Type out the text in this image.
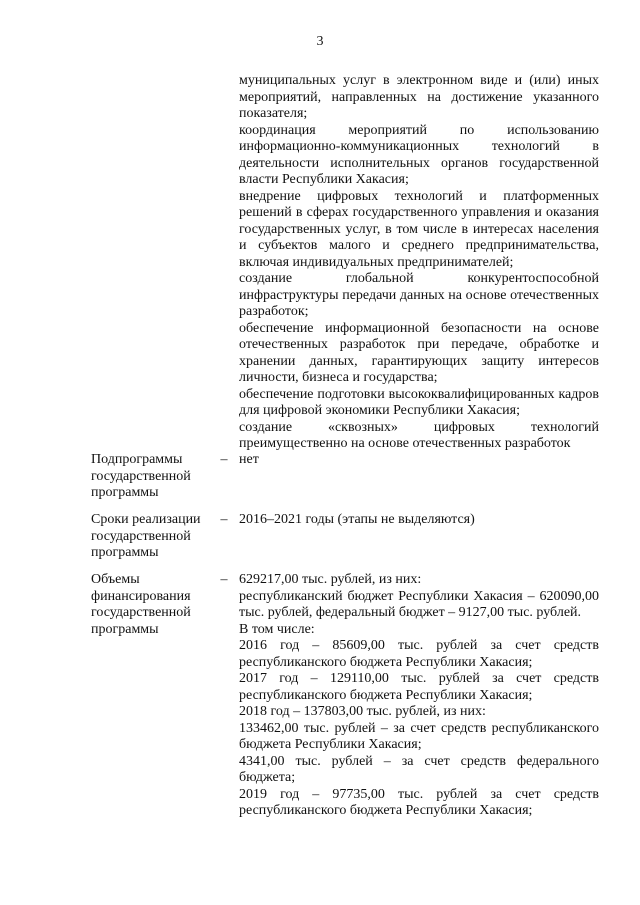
3

муниципальных услуг в электронном виде и (или) иных мероприятий, направленных на достижение указанного показателя;

координация мероприятий по использованию информационно-коммуникационных технологий в деятельности исполнительных органов государственной власти Республики Хакасия;

внедрение цифровых технологий и платформенных решений в сферах государственного управления и оказания государственных услуг, в том числе в интересах населения и субъектов малого и среднего предпринимательства, включая индивидуальных предпринимателей;

создание глобальной конкурентоспособной инфраструктуры передачи данных на основе отечественных разработок;

обеспечение информационной безопасности на основе отечественных разработок при передаче, обработке и хранении данных, гарантирующих защиту интересов личности, бизнеса и государства;

обеспечение подготовки высококвалифицированных кадров для цифровой экономики Республики Хакасия;

создание «сквозных» цифровых технологий преимущественно на основе отечественных разработок

Подпрограммы
государственной
программы
– нет

Сроки реализации
государственной
программы
– 2016–2021 годы (этапы не выделяются)

Объемы
финансирования
государственной
программы
– 629217,00 тыс. рублей, из них:

республиканский бюджет Республики Хакасия – 620090,00 тыс. рублей, федеральный бюджет – 9127,00 тыс. рублей.

В том числе:

2016 год – 85609,00 тыс. рублей за счет средств республиканского бюджета Республики Хакасия;

2017 год – 129110,00 тыс. рублей за счет средств республиканского бюджета Республики Хакасия;

2018 год – 137803,00 тыс. рублей, из них:

133462,00 тыс. рублей – за счет средств республиканского бюджета Республики Хакасия;

4341,00 тыс. рублей – за счет средств федерального бюджета;

2019 год – 97735,00 тыс. рублей за счет средств республиканского бюджета Республики Хакасия;
